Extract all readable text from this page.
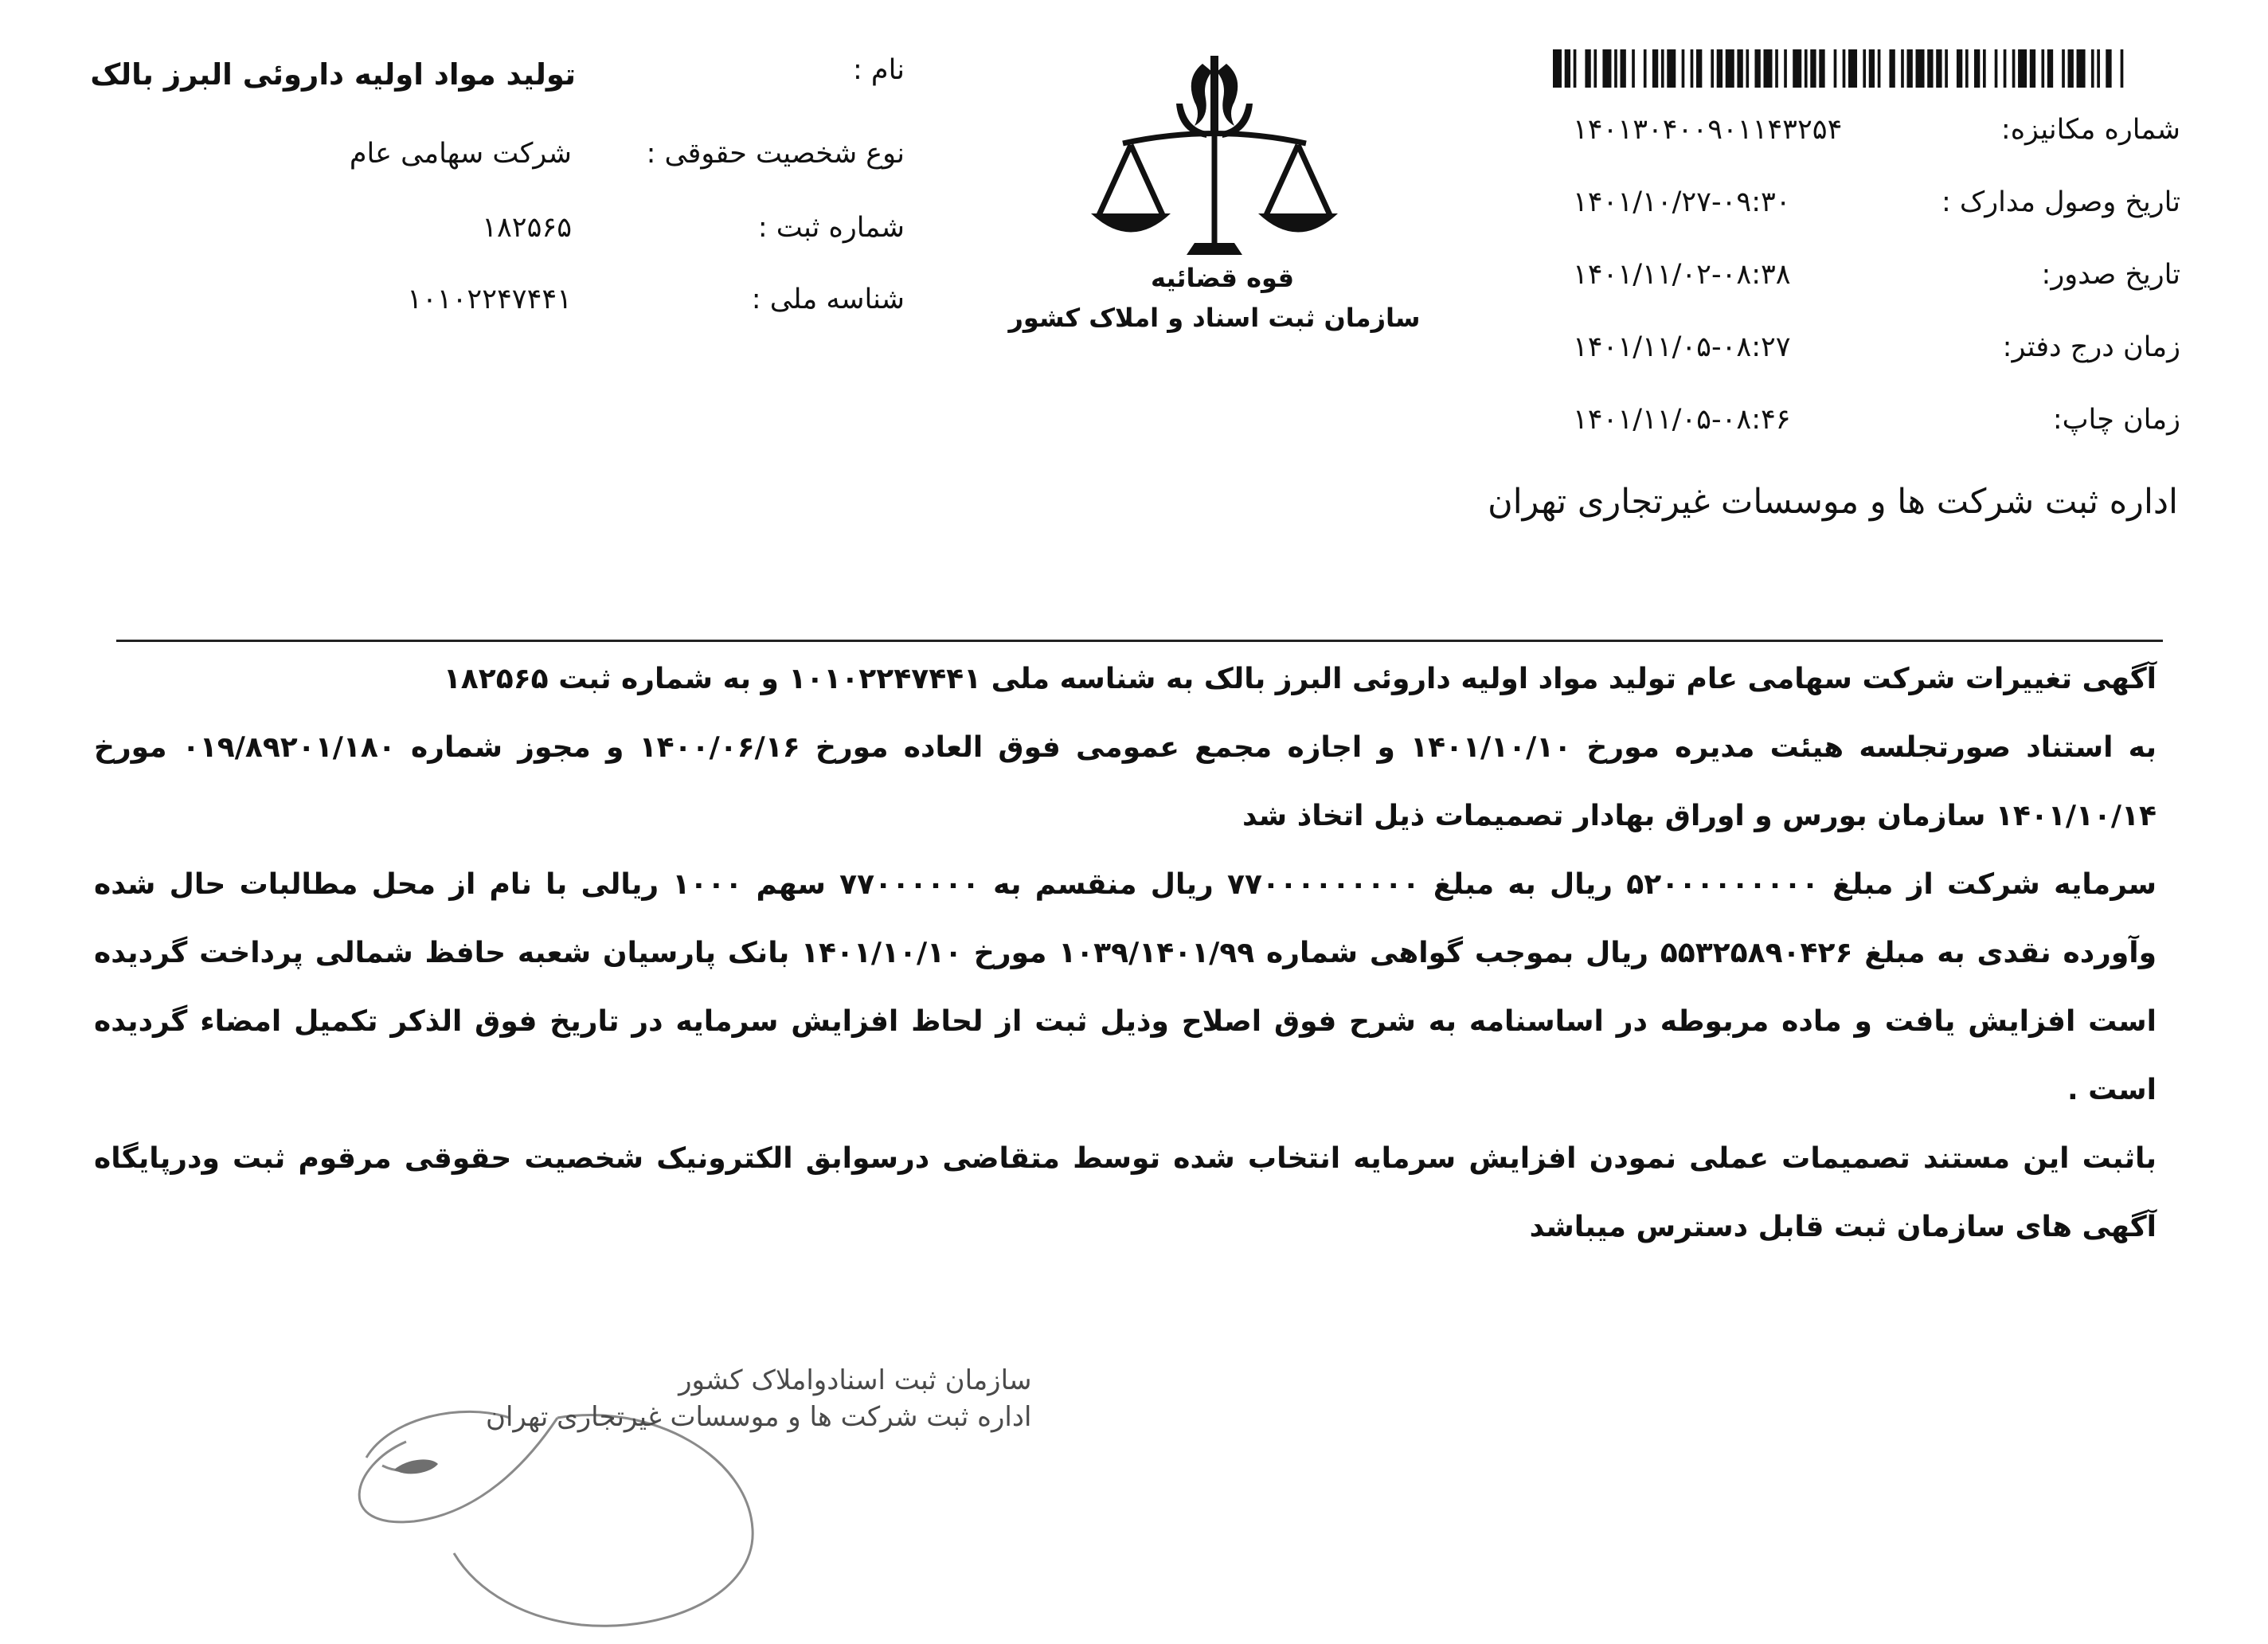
قوه قضائیه
سازمان ثبت اسناد و املاک کشور
شماره مکانیزه:
۱۴۰۱۳۰۴۰۰۹۰۱۱۴۳۲۵۴
تاریخ وصول مدارک :
۱۴۰۱/۱۰/۲۷-۰۹:۳۰
تاریخ صدور:
۱۴۰۱/۱۱/۰۲-۰۸:۳۸
زمان درج دفتر:
۱۴۰۱/۱۱/۰۵-۰۸:۲۷
زمان چاپ:
۱۴۰۱/۱۱/۰۵-۰۸:۴۶
نام :
تولید مواد اولیه داروئی البرز بالک
نوع شخصیت حقوقی :
شرکت سهامی عام
شماره ثبت :
۱۸۲۵۶۵
شناسه ملی :
۱۰۱۰۲۲۴۷۴۴۱
اداره ثبت شرکت ها و موسسات غیرتجاری تهران

آگهی تغییرات شرکت سهامی عام تولید مواد اولیه داروئی البرز بالک به شناسه ملی ۱۰۱۰۲۲۴۷۴۴۱ و به شماره ثبت ۱۸۲۵۶۵

به استناد صورتجلسه هیئت مدیره مورخ ۱۴۰۱/۱۰/۱۰ و اجازه مجمع عمومی فوق العاده مورخ ۱۴۰۰/۰۶/۱۶ و مجوز شماره ۰۱۹/۸۹۲۰۱/۱۸۰ مورخ ۱۴۰۱/۱۰/۱۴ سازمان بورس و اوراق بهادار تصمیمات ذیل اتخاذ شد

سرمایه شرکت از مبلغ ۵۲۰۰۰۰۰۰۰۰۰ ریال به مبلغ ۷۷۰۰۰۰۰۰۰۰۰ ریال منقسم به ۷۷۰۰۰۰۰۰ سهم ۱۰۰۰ ریالی با نام از محل مطالبات حال شده وآورده نقدی به مبلغ ۵۵۳۲۵۸۹۰۴۲۶ ریال بموجب گواهی شماره ۱۰۳۹/۱۴۰۱/۹۹ مورخ ۱۴۰۱/۱۰/۱۰ بانک پارسیان شعبه حافظ شمالی پرداخت گردیده است افزایش یافت و ماده مربوطه در اساسنامه به شرح فوق اصلاح وذیل ثبت از لحاظ افزایش سرمایه در تاریخ فوق الذکر تکمیل امضاء گردیده است .

باثبت این مستند تصمیمات عملی نمودن افزایش سرمایه انتخاب شده توسط متقاضی درسوابق الکترونیک شخصیت حقوقی مرقوم ثبت ودرپایگاه آگهی های سازمان ثبت قابل دسترس میباشد

سازمان ثبت اسنادواملاک کشور
اداره ثبت شرکت ها و موسسات غیرتجاری تهران
